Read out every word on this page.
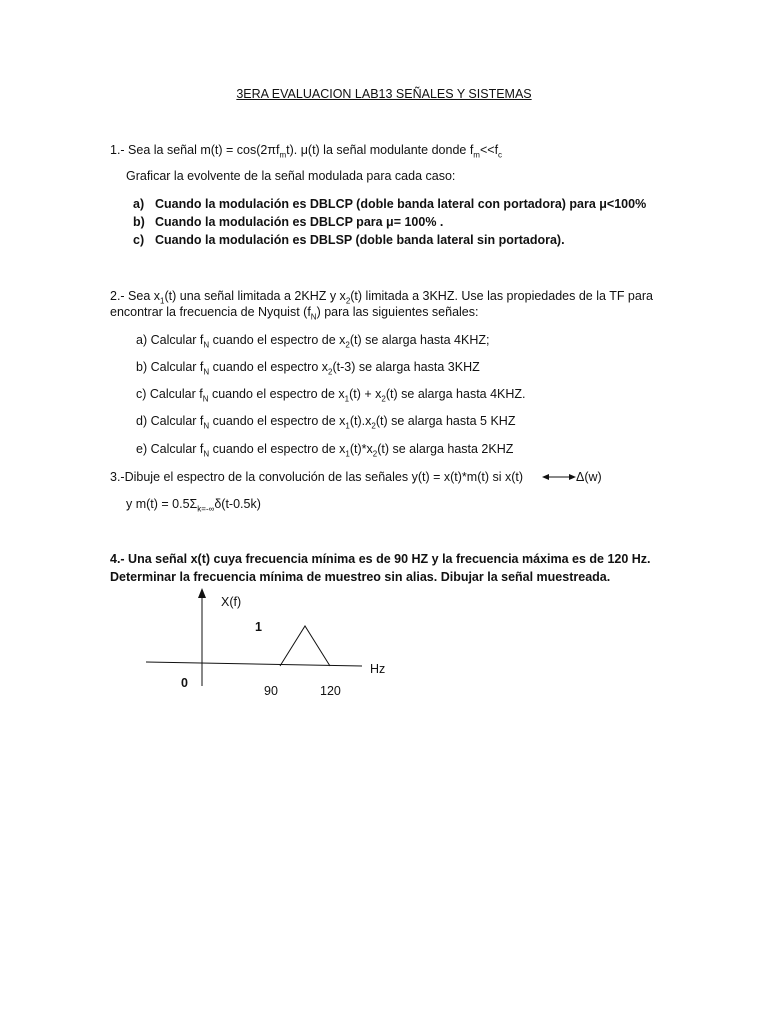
3ERA EVALUACION LAB13 SEÑALES Y SISTEMAS
1.- Sea la señal $m(t) = \cos(2\pi f_mt)$. μ(t) la señal modulante donde $f_m<<f_c$
Graficar la evolvente de la señal modulada para cada caso:
a) Cuando la modulación es DBLCP (doble banda lateral con portadora) para μ<100%
b) Cuando la modulación es DBLCP para μ= 100% .
c) Cuando la modulación es DBLSP (doble banda lateral sin portadora).
2.- Sea $x_1(t)$ una señal limitada a 2KHZ y $x_2(t)$ limitada a 3KHZ. Use las propiedades de la TF para
encontrar la frecuencia de Nyquist $(f_N)$ para las siguientes señales:
a) Calcular $f_N$ cuando el espectro de $x_2(t)$ se alarga hasta 4KHZ;
b) Calcular $f_N$ cuando el espectro $x_2(t-3)$ se alarga hasta 3KHZ
c) Calcular $f_N$ cuando el espectro de $x_1(t) + x_2(t)$ se alarga hasta 4KHZ.
d) Calcular $f_N$ cuando el espectro de $x_1(t).x_2(t)$ se alarga hasta 5 KHZ
e) Calcular $f_N$ cuando el espectro de $x_1(t)*x_2(t)$ se alarga hasta 2KHZ
3.-Dibuje el espectro de la convolución de las señales y(t) = x(t)*m(t) si x(t)	Δ(w)
y $m(t) = 0.5\Sigma_{k=-\infty}\delta(t-0.5k)$
4.- Una señal x(t) cuya frecuencia mínima es de 90 HZ y la frecuencia máxima es de 120 Hz.
Determinar la frecuencia mínima de muestreo sin alias. Dibujar la señal muestreada.
X(f)
1
Hz
0
90	120
